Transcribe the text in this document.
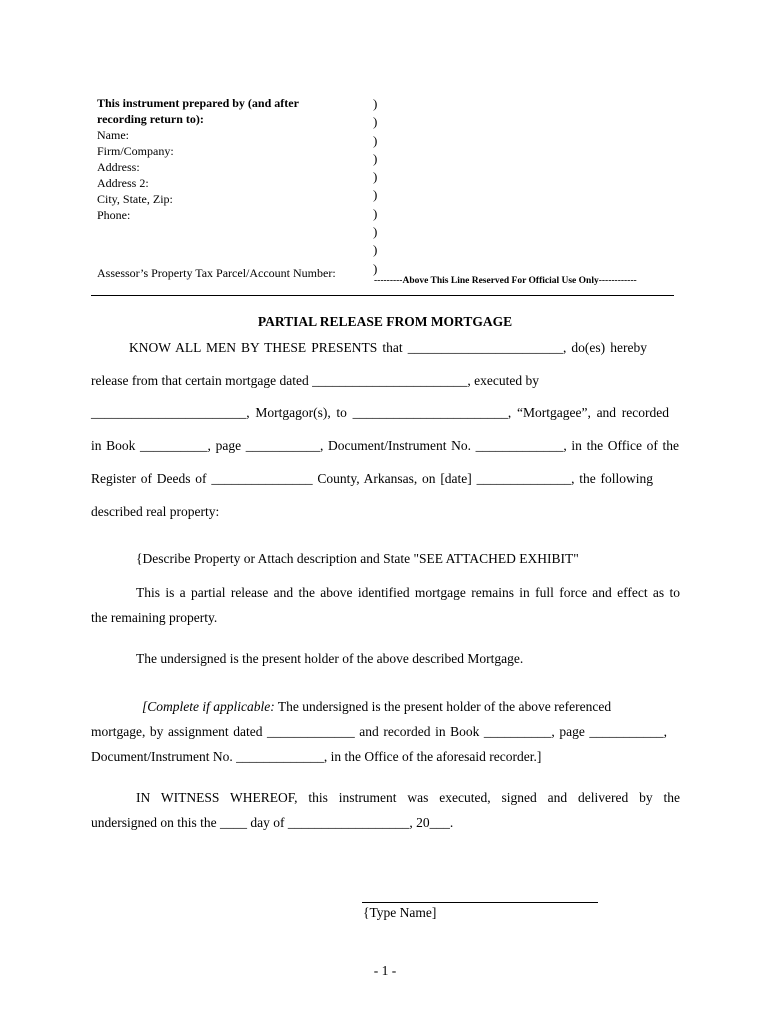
This instrument prepared by (and after
recording return to):
Name:
Firm/Company:
Address:
Address 2:
City, State, Zip:
Phone:
)
)
)
)
)
)
)
)
)
)
Assessor’s Property Tax Parcel/Account Number:
---------Above This Line Reserved For Official Use Only------------
PARTIAL RELEASE FROM MORTGAGE
KNOW ALL MEN BY THESE PRESENTS that _______________________, do(es) hereby
release from that certain mortgage dated _______________________, executed by
_______________________, Mortgagor(s), to _______________________, “Mortgagee”, and recorded
in Book __________, page ___________, Document/Instrument No. _____________, in the Office of the
Register of Deeds of _______________ County, Arkansas, on [date] ______________, the following
described real property:
{Describe Property or Attach description and State "SEE ATTACHED EXHIBIT"
This is a partial release and the above identified mortgage remains in full force and effect as to
the remaining property.
The undersigned is the present holder of the above described Mortgage.
[Complete if applicable: The undersigned is the present holder of the above referenced
mortgage, by assignment dated _____________ and recorded in Book __________, page ___________,
Document/Instrument No. _____________, in the Office of the aforesaid recorder.]
IN WITNESS WHEREOF, this instrument was executed, signed and delivered by the
undersigned on this the ____ day of __________________, 20___.
{Type Name]
- 1 -
